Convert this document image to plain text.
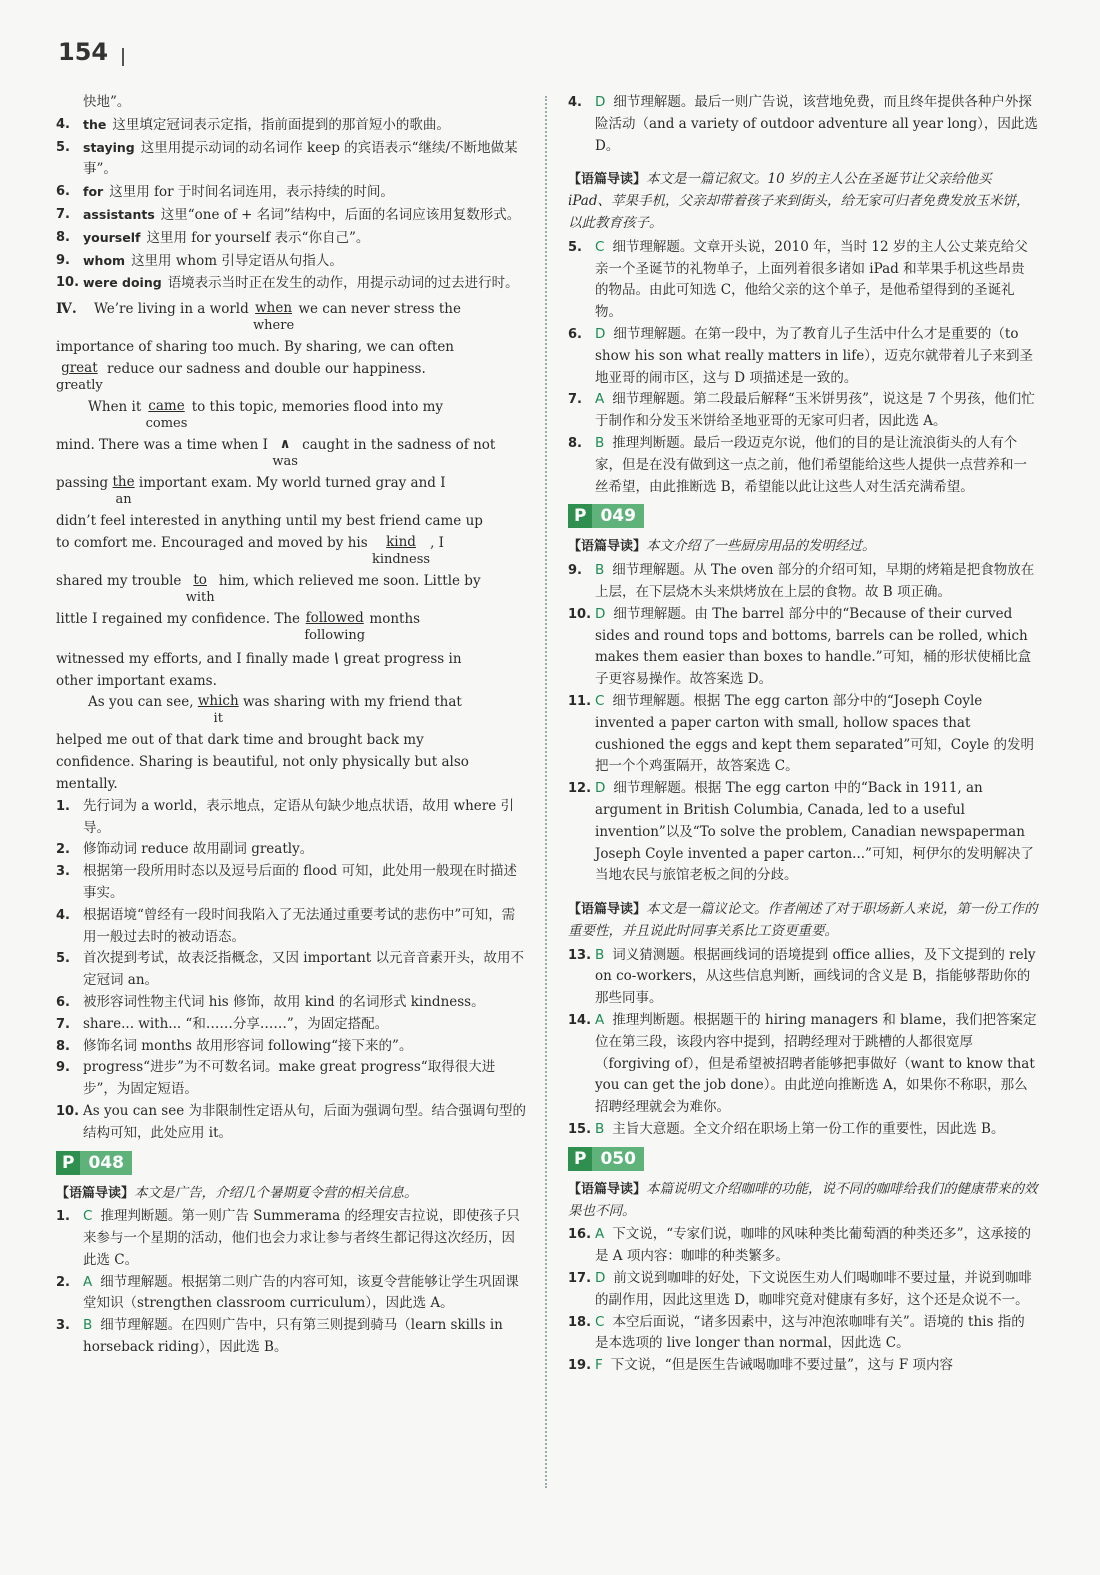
154

快地”。

4. the 这里填定冠词表示定指，指前面提到的那首短小的歌曲。

5. staying 这里用提示动词的动名词作 keep 的宾语表示“继续/不断地做某事”。

6. for 这里用 for 于时间名词连用，表示持续的时间。

7. assistants 这里“one of + 名词”结构中，后面的名词应该用复数形式。

8. yourself 这里用 for yourself 表示“你自己”。

9. whom 这里用 whom 引导定语从句指人。

10. were doing 语境表示当时正在发生的动作，用提示动词的过去进行时。

Ⅳ.	We’re living in a world when
where
we can never stress the

importance of sharing too much. By sharing, we can often

great
greatly
reduce our sadness and double our happiness.

When it came
comes
to this topic, memories flood into my

mind. There was a time when I ∧
was
caught in the sadness of not

passing the
an
important exam. My world turned gray and I

didn’t feel interested in anything until my best friend came up

to comfort me. Encouraged and moved by his kind
kindness
, I

shared my trouble to
with
him, which relieved me soon. Little by

little I regained my confidence. The followed
following
months

witnessed my efforts, and I finally made \ great progress in

other important exams.

As you can see, which
it
was sharing with my friend that

helped me out of that dark time and brought back my

confidence. Sharing is beautiful, not only physically but also

mentally.

1. 先行词为 a world，表示地点，定语从句缺少地点状语，故用 where 引导。

2. 修饰动词 reduce 故用副词 greatly。

3. 根据第一段所用时态以及逗号后面的 flood 可知，此处用一般现在时描述事实。

4. 根据语境“曾经有一段时间我陷入了无法通过重要考试的悲伤中”可知，需用一般过去时的被动语态。

5. 首次提到考试，故表泛指概念，又因 important 以元音音素开头，故用不定冠词 an。

6. 被形容词性物主代词 his 修饰，故用 kind 的名词形式 kindness。

7. share... with... “和……分享……”，为固定搭配。

8. 修饰名词 months 故用形容词 following“接下来的”。

9. progress“进步”为不可数名词。make great progress“取得很大进步”，为固定短语。

10. As you can see 为非限制性定语从句，后面为强调句型。结合强调句型的结构可知，此处应用 it。

P 048

【语篇导读】本文是广告，介绍几个暑期夏令营的相关信息。

1. C 推理判断题。第一则广告 Summerama 的经理安吉拉说，即使孩子只来参与一个星期的活动，他们也会力求让参与者终生都记得这次经历，因此选 C。

2. A 细节理解题。根据第二则广告的内容可知，该夏令营能够让学生巩固课堂知识（strengthen classroom curriculum），因此选 A。

3. B 细节理解题。在四则广告中，只有第三则提到骑马（learn skills in horseback riding），因此选 B。

4. D 细节理解题。最后一则广告说，该营地免费，而且终年提供各种户外探险活动（and a variety of outdoor adventure all year long），因此选 D。

【语篇导读】本文是一篇记叙文。10 岁的主人公在圣诞节让父亲给他买 iPad、苹果手机，父亲却带着孩子来到街头，给无家可归者免费发放玉米饼，以此教育孩子。

5. C 细节理解题。文章开头说，2010 年，当时 12 岁的主人公丈莱克给父亲一个圣诞节的礼物单子，上面列着很多诸如 iPad 和苹果手机这些昂贵的物品。由此可知选 C，他给父亲的这个单子，是他希望得到的圣诞礼物。

6. D 细节理解题。在第一段中，为了教育儿子生活中什么才是重要的（to show his son what really matters in life），迈克尔就带着儿子来到圣地亚哥的闹市区，这与 D 项描述是一致的。

7. A 细节理解题。第二段最后解释“玉米饼男孩”，说这是 7 个男孩，他们忙于制作和分发玉米饼给圣地亚哥的无家可归者，因此选 A。

8. B 推理判断题。最后一段迈克尔说，他们的目的是让流浪街头的人有个家，但是在没有做到这一点之前，他们希望能给这些人提供一点营养和一丝希望，由此推断选 B，希望能以此让这些人对生活充满希望。

P 049

【语篇导读】本文介绍了一些厨房用品的发明经过。

9. B 细节理解题。从 The oven 部分的介绍可知，早期的烤箱是把食物放在上层，在下层烧木头来烘烤放在上层的食物。故 B 项正确。

10. D 细节理解题。由 The barrel 部分中的“Because of their curved sides and round tops and bottoms, barrels can be rolled, which makes them easier than boxes to handle.”可知，桶的形状使桶比盒子更容易操作。故答案选 D。

11. C 细节理解题。根据 The egg carton 部分中的“Joseph Coyle invented a paper carton with small, hollow spaces that cushioned the eggs and kept them separated”可知，Coyle 的发明把一个个鸡蛋隔开，故答案选 C。

12. D 细节理解题。根据 The egg carton 中的“Back in 1911, an argument in British Columbia, Canada, led to a useful invention”以及“To solve the problem, Canadian newspaperman Joseph Coyle invented a paper carton...”可知，柯伊尔的发明解决了当地农民与旅馆老板之间的分歧。

【语篇导读】本文是一篇议论文。作者阐述了对于职场新人来说，第一份工作的重要性，并且说此时同事关系比工资更重要。

13. B 词义猜测题。根据画线词的语境提到 office allies，及下文提到的 rely on co-workers，从这些信息判断，画线词的含义是 B，指能够帮助你的那些同事。

14. A 推理判断题。根据题干的 hiring managers 和 blame，我们把答案定位在第三段，该段内容中提到，招聘经理对于跳槽的人都很宽厚（forgiving of），但是希望被招聘者能够把事做好（want to know that you can get the job done）。由此逆向推断选 A，如果你不称职，那么招聘经理就会为难你。

15. B 主旨大意题。全文介绍在职场上第一份工作的重要性，因此选 B。

P 050

【语篇导读】本篇说明文介绍咖啡的功能，说不同的咖啡给我们的健康带来的效果也不同。

16. A 下文说，“专家们说，咖啡的风味种类比葡萄酒的种类还多”，这承接的是 A 项内容：咖啡的种类繁多。

17. D 前文说到咖啡的好处，下文说医生劝人们喝咖啡不要过量，并说到咖啡的副作用，因此这里选 D，咖啡究竟对健康有多好，这个还是众说不一。

18. C 本空后面说，“诸多因素中，这与冲泡浓咖啡有关”。语境的 this 指的是本选项的 live longer than normal，因此选 C。

19. F 下文说，“但是医生告诫喝咖啡不要过量”，这与 F 项内容
